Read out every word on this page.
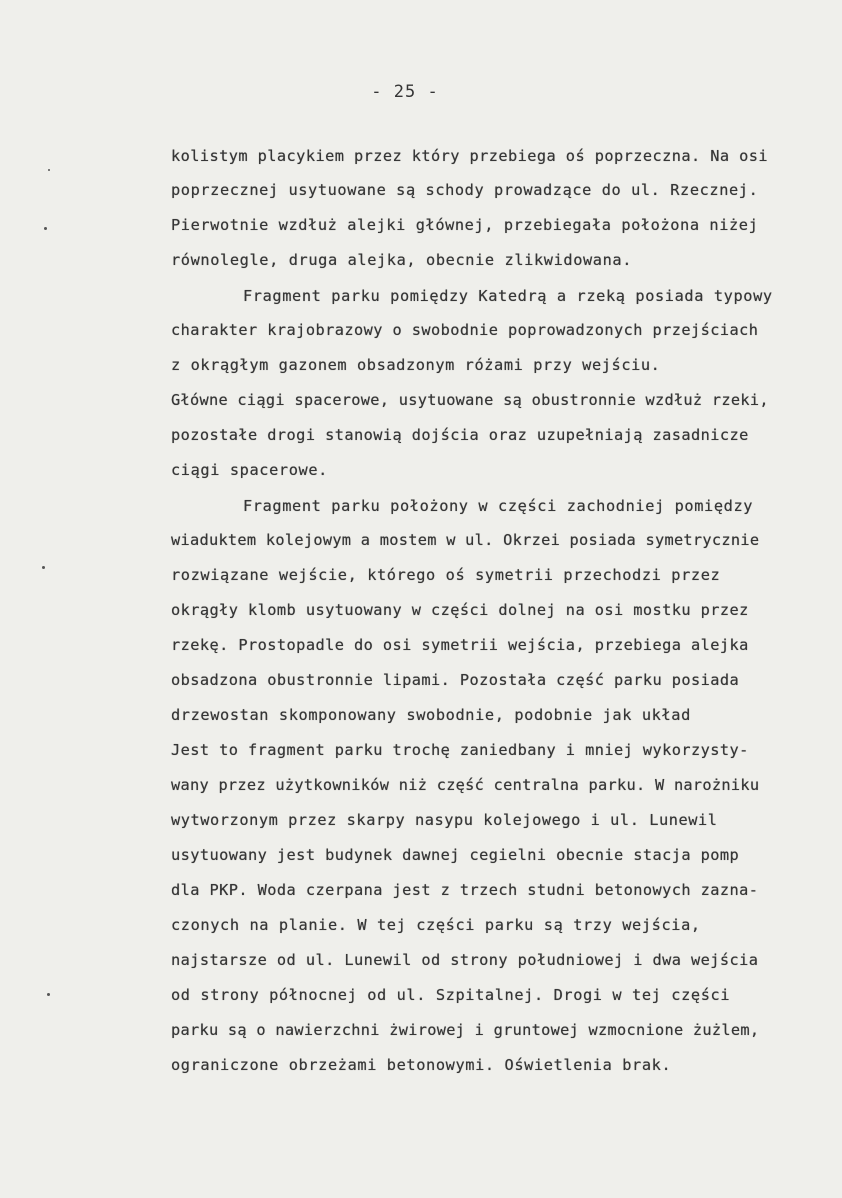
- 25 -
kolistym placykiem przez który przebiega oś poprzeczna. Na osi
poprzecznej usytuowane są schody prowadzące do ul. Rzecznej.
Pierwotnie wzdłuż alejki głównej, przebiegała położona niżej
równolegle, druga alejka, obecnie zlikwidowana.
Fragment parku pomiędzy Katedrą a rzeką posiada typowy
charakter krajobrazowy o swobodnie poprowadzonych przejściach
z okrągłym gazonem obsadzonym różami przy wejściu.
Główne ciągi spacerowe, usytuowane są obustronnie wzdłuż rzeki,
pozostałe drogi stanowią dojścia oraz uzupełniają zasadnicze
ciągi spacerowe.
Fragment parku położony w części zachodniej pomiędzy
wiaduktem kolejowym a mostem w ul. Okrzei posiada symetrycznie
rozwiązane wejście, którego oś symetrii przechodzi przez
okrągły klomb usytuowany w części dolnej na osi mostku przez
rzekę. Prostopadle do osi symetrii wejścia, przebiega alejka
obsadzona obustronnie lipami. Pozostała część parku posiada
drzewostan skomponowany swobodnie, podobnie jak układ
Jest to fragment parku trochę zaniedbany i mniej wykorzysty-
wany przez użytkowników niż część centralna parku. W narożniku
wytworzonym przez skarpy nasypu kolejowego i ul. Lunewil
usytuowany jest budynek dawnej cegielni obecnie stacja pomp
dla PKP. Woda czerpana jest z trzech studni betonowych zazna-
czonych na planie. W tej części parku są trzy wejścia,
najstarsze od ul. Lunewil od strony południowej i dwa wejścia
od strony północnej od ul. Szpitalnej. Drogi w tej części
parku są o nawierzchni żwirowej i gruntowej wzmocnione żużlem,
ograniczone obrzeżami betonowymi. Oświetlenia brak.
